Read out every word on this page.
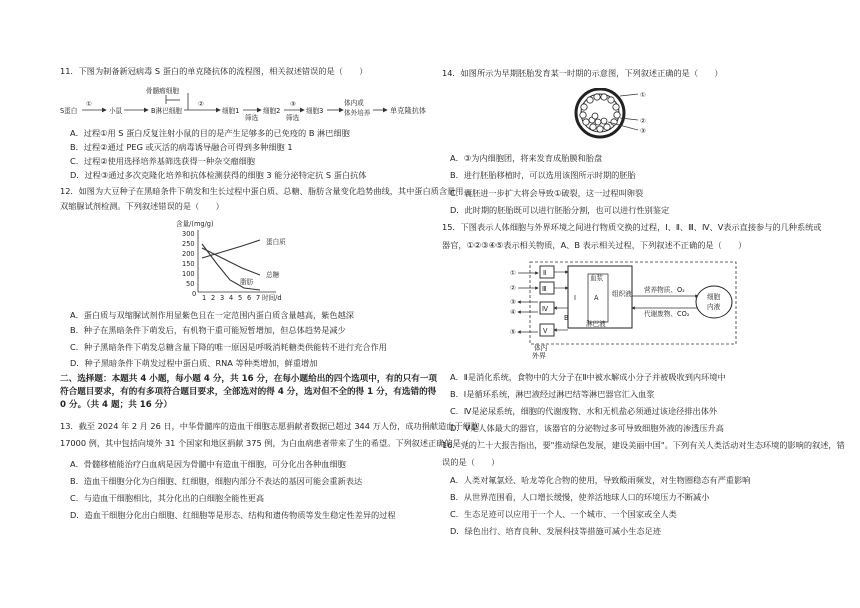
11．下图为制备新冠病毒 S 蛋白的单克隆抗体的流程图，相关叙述错误的是（　　）
S蛋白
①
小鼠	B淋巴细胞
骨髓瘤细胞
②
细胞1
筛选
细胞2
③
筛选
细胞3
体内或
体外培养	单克隆抗体
A．过程①用 S 蛋白反复注射小鼠的目的是产生足够多的已免疫的 B 淋巴细胞
B．过程②通过 PEG 或灭活的病毒诱导融合可得到多种细胞 1
C．过程②使用选择培养基筛选获得一种杂交瘤细胞
D．过程③通过多次克隆化培养和抗体检测获得的细胞 3 能分泌特定抗 S 蛋白抗体
12．如图为大豆种子在黑暗条件下萌发和生长过程中蛋白质、总糖、脂肪含量变化趋势曲线，其中蛋白质含量用
双缩脲试剂检测。下列叙述错误的是（　　）
含量/(mg/g)
300
250
200
150
100
50
0 1 2 3 4 5 6 7 时间/d
蛋白质
总糖
脂肪
A．蛋白质与双缩脲试剂作用显紫色且在一定范围内蛋白质含量越高，紫色越深
B．种子在黑暗条件下萌发后，有机物干重可能短暂增加，但总体趋势是减少
C．种子黑暗条件下萌发总糖含量下降的唯一原因是呼吸消耗糖类供能转不进行充合作用
D．种子黑暗条件下萌发过程中蛋白质、RNA 等种类增加，鲜重增加
二、选择题：本题共 4 小题，每小题 4 分，共 16 分，在每小题给出的四个选项中，有的只有一项
符合题目要求，有的有多项符合题目要求，全部选对的得 4 分，选对但不全的得 1 分，有选错的得
0 分。（共 4 题；共 16 分）
13．截至 2024 年 2 月 26 日，中华骨髓库的造血干细胞志愿捐献者数据已超过 344 万人份，成功捐献造血干细胞
17000 例，其中包括向境外 31 个国家和地区捐献 375 例，为白血病患者带来了生的希望。下列叙述正确的是（　）
A．骨髓移植能治疗白血病是因为骨髓中有造血干细胞，可分化出各种血细胞
B．造血干细胞分化为白细胞、红细胞，细胞内部分不表达的基因可能会重新表达
C．与造血干细胞相比，其分化出的白细胞全能性更高
D．造血干细胞分化出白细胞、红细胞等是形态、结构和遗传物质等发生稳定性差异的过程
14．如图所示为早期胚胎发育某一时期的示意图，下列叙述正确的是（　　）
①
②
③
A．③为内细胞团，将来发育成胎膜和胎盘
B．进行胚胎移植时，可以选用该图所示时期的胚胎
C．囊胚进一步扩大将会导致①破裂，这一过程叫卵裂
D．此时期的胚胎既可以进行胚胎分割，也可以进行性别鉴定
15．下图表示人体细胞与外界环境之间进行物质交换的过程，Ⅰ、Ⅱ、Ⅲ、Ⅳ、Ⅴ表示直接参与的几种系统或
器官，①②③④⑤表示相关物质，A、B 表示相关过程，下列叙述不正确的是（　　）
①
②
③
④
⑤
Ⅱ
Ⅲ
Ⅳ
Ⅴ
Ⅰ
B
血浆
A
淋巴液
组织液 营养物质、O₂
代谢废物、CO₂
细胞
内液
体内
外界
A．Ⅱ是消化系统，食物中的大分子在Ⅱ中被水解成小分子并被吸收到内环境中
B．Ⅰ是循环系统，淋巴液经过淋巴结等淋巴器官汇入血浆
C．Ⅳ是泌尿系统，细胞的代谢废物、水和无机盐必须通过该途径排出体外
D．Ⅴ是人体最大的器官，该器官的分泌物过多可导致细胞外液的渗透压升高
16．党的二十大报告指出，要"推动绿色发展，建设美丽中国"。下列有关人类活动对生态环境的影响的叙述，错
误的是（　　）
A．人类对氟氯烃、哈龙等化合物的使用，导致酸雨频发，对生物圈稳态有严重影响
B．从世界范围看，人口增长缓慢，使养活地球人口的环境压力不断减小
C．生态足迹可以应用于一个人、一个城市、一个国家或全人类
D．绿色出行、培育良种、发展科技等措施可减小生态足迹
